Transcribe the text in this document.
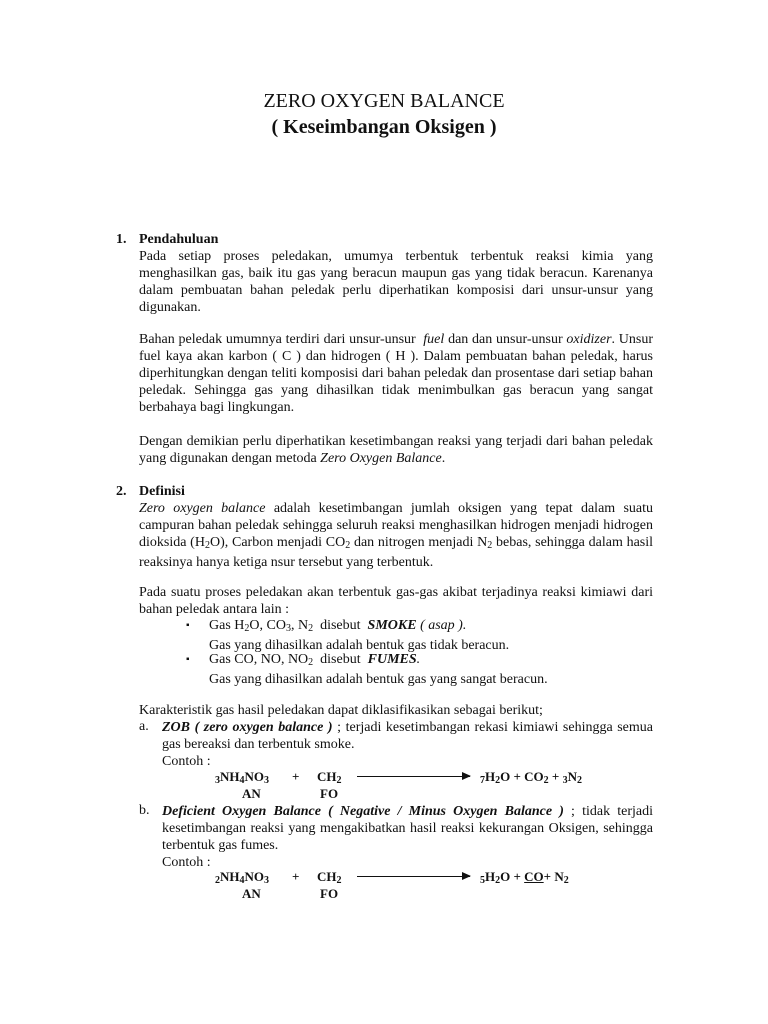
ZERO OXYGEN BALANCE
( Keseimbangan Oksigen )
1. Pendahuluan

Pada setiap proses peledakan, umumya terbentuk terbentuk reaksi kimia yang menghasilkan gas, baik itu gas yang beracun maupun gas yang tidak beracun. Karenanya dalam pembuatan bahan peledak perlu diperhatikan komposisi dari unsur-unsur yang digunakan.

Bahan peledak umumnya terdiri dari unsur-unsur fuel dan dan unsur-unsur oxidizer. Unsur fuel kaya akan karbon ( C ) dan hidrogen ( H ). Dalam pembuatan bahan peledak, harus diperhitungkan dengan teliti komposisi dari bahan peledak dan prosentase dari setiap bahan peledak. Sehingga gas yang dihasilkan tidak menimbulkan gas beracun yang sangat berbahaya bagi lingkungan.

Dengan demikian perlu diperhatikan kesetimbangan reaksi yang terjadi dari bahan peledak yang digunakan dengan metoda Zero Oxygen Balance.

2. Definisi

Zero oxygen balance adalah kesetimbangan jumlah oksigen yang tepat dalam suatu campuran bahan peledak sehingga seluruh reaksi menghasilkan hidrogen menjadi hidrogen dioksida $(H_2O)$, Carbon menjadi $CO_2$ dan nitrogen menjadi $N_2$ bebas, sehingga dalam hasil reaksinya hanya ketiga nsur tersebut yang terbentuk.

Pada suatu proses peledakan akan terbentuk gas-gas akibat terjadinya reaksi kimiawi dari bahan peledak antara lain :

▪ Gas $H_2O$, $CO_3$, $N_2$ disebut SMOKE ( asap ).
Gas yang dihasilkan adalah bentuk gas tidak beracun.
▪ Gas CO, NO, $NO_2$ disebut FUMES.
Gas yang dihasilkan adalah bentuk gas yang sangat beracun.

Karakteristik gas hasil peledakan dapat diklasifikasikan sebagai berikut;

a. ZOB ( zero oxygen balance ) ; terjadi kesetimbangan rekasi kimiawi sehingga semua gas bereaksi dan terbentuk smoke.
Contoh :
$_3NH_4NO_3 + CH_2$	$_7H_2O + CO_2 + _3N_2$
AN	FO
b. Deficient Oxygen Balance ( Negative / Minus Oxygen Balance ) ; tidak terjadi kesetimbangan reaksi yang mengakibatkan hasil reaksi kekurangan Oksigen, sehingga terbentuk gas fumes.
Contoh :
$_2NH_4NO_3 + CH_2$	$_5H_2O + CO+ N_2$
AN	FO
